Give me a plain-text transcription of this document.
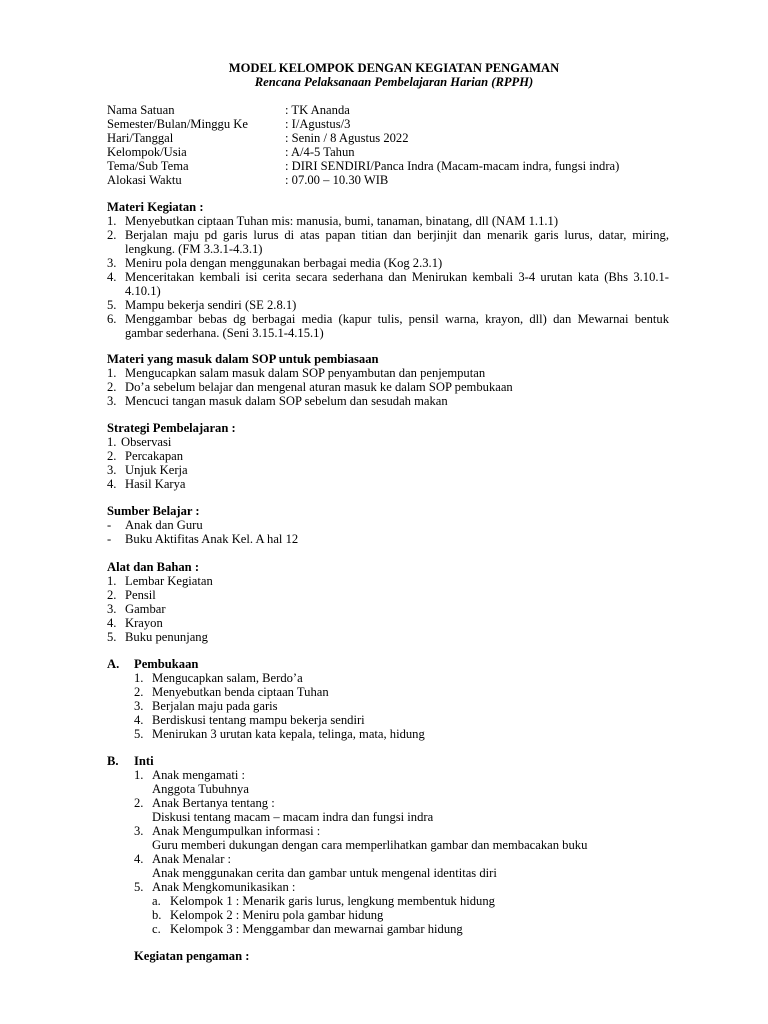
MODEL KELOMPOK DENGAN KEGIATAN PENGAMAN
Rencana Pelaksanaan Pembelajaran Harian (RPPH)
Nama Satuan	: TK Ananda
Semester/Bulan/Minggu Ke	: I/Agustus/3
Hari/Tanggal	: Senin / 8 Agustus 2022
Kelompok/Usia	: A/4-5 Tahun
Tema/Sub Tema	: DIRI SENDIRI/Panca Indra (Macam-macam indra, fungsi indra)
Alokasi Waktu	: 07.00 – 10.30 WIB
Materi Kegiatan :
1. Menyebutkan ciptaan Tuhan mis: manusia, bumi, tanaman, binatang, dll (NAM 1.1.1)
2. Berjalan maju pd garis lurus di atas papan titian dan berjinjit dan menarik garis lurus, datar, miring,
lengkung. (FM 3.3.1-4.3.1)
3. Meniru pola dengan menggunakan berbagai media (Kog 2.3.1)
4. Menceritakan kembali isi cerita secara sederhana dan Menirukan kembali 3-4 urutan kata (Bhs 3.10.1-
4.10.1)
5. Mampu bekerja sendiri (SE 2.8.1)
6. Menggambar bebas dg berbagai media (kapur tulis, pensil warna, krayon, dll) dan Mewarnai bentuk
gambar sederhana. (Seni 3.15.1-4.15.1)
Materi yang masuk dalam SOP untuk pembiasaan
1. Mengucapkan salam masuk dalam SOP penyambutan dan penjemputan
2. Do’a sebelum belajar dan mengenal aturan masuk ke dalam SOP pembukaan
3. Mencuci tangan masuk dalam SOP sebelum dan sesudah makan
Strategi Pembelajaran :
1. Observasi
2. Percakapan
3. Unjuk Kerja
4. Hasil Karya
Sumber Belajar :
- Anak dan Guru
- Buku Aktifitas Anak Kel. A hal 12
Alat dan Bahan :
1. Lembar Kegiatan
2. Pensil
3. Gambar
4. Krayon
5. Buku penunjang
A. Pembukaan
1. Mengucapkan salam, Berdo’a
2. Menyebutkan benda ciptaan Tuhan
3. Berjalan maju pada garis
4. Berdiskusi tentang mampu bekerja sendiri
5. Menirukan 3 urutan kata kepala, telinga, mata, hidung
B. Inti
1. Anak mengamati :
Anggota Tubuhnya
2. Anak Bertanya tentang :
Diskusi tentang macam – macam indra dan fungsi indra
3. Anak Mengumpulkan informasi :
Guru memberi dukungan dengan cara memperlihatkan gambar dan membacakan buku
4. Anak Menalar :
Anak menggunakan cerita dan gambar untuk mengenal identitas diri
5. Anak Mengkomunikasikan :
a. Kelompok 1 : Menarik garis lurus, lengkung membentuk hidung
b. Kelompok 2 : Meniru pola gambar hidung
c. Kelompok 3 : Menggambar dan mewarnai gambar hidung
Kegiatan pengaman :
